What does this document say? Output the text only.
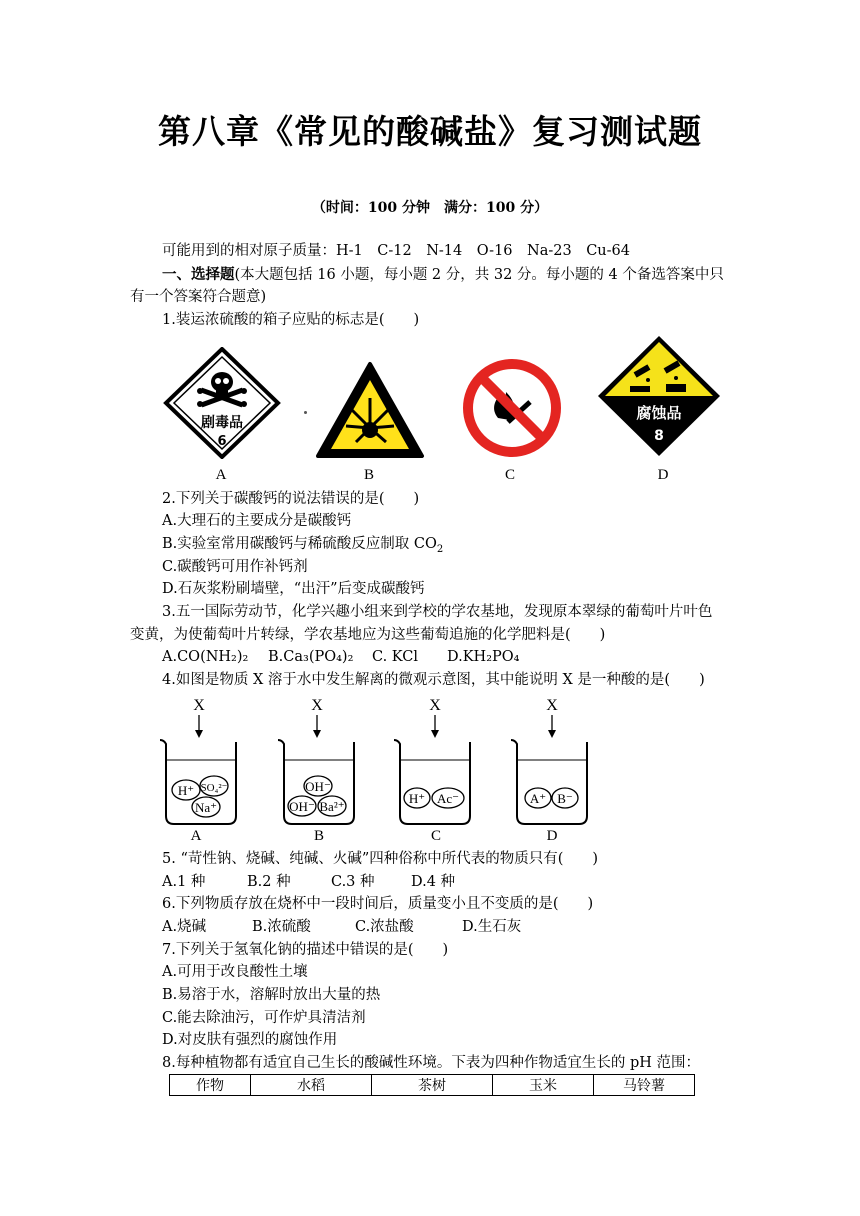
第八章《常见的酸碱盐》复习测试题
（时间：100 分钟　满分：100 分）
可能用到的相对原子质量：H-1　C-12　N-14　O-16　Na-23　Cu-64
一、选择题(本大题包括 16 小题，每小题 2 分，共 32 分。每小题的 4 个备选答案中只
有一个答案符合题意)
1.装运浓硫酸的箱子应贴的标志是(　　)
剧毒品
6
腐蚀品
8
A	B	C	D
2.下列关于碳酸钙的说法错误的是(　　)
A.大理石的主要成分是碳酸钙
B.实验室常用碳酸钙与稀硫酸反应制取 $CO_2$
C.碳酸钙可用作补钙剂
D.石灰浆粉刷墙壁，“出汗”后变成碳酸钙
3.五一国际劳动节，化学兴趣小组来到学校的学农基地，发现原本翠绿的葡萄叶片叶色
变黄，为使葡萄叶片转绿，学农基地应为这些葡萄追施的化学肥料是(　　)
A.CO(NH₂)₂ B.Ca₃(PO₄)₂ C. KCl D.KH₂PO₄
4.如图是物质 X 溶于水中发生解离的微观示意图，其中能说明 X 是一种酸的是(　　)
X
H⁺ SO₄²⁻
Na⁺
X
OH⁻
OH⁻ Ba²⁺
X
H⁺ Ac⁻
X
A⁺ B⁻
A	B	C	D
5. “苛性钠、烧碱、纯碱、火碱”四种俗称中所代表的物质只有(　　)
A.1 种	B.2 种	C.3 种	D.4 种
6.下列物质存放在烧杯中一段时间后，质量变小且不变质的是(　　)
A.烧碱	B.浓硫酸	C.浓盐酸	D.生石灰
7.下列关于氢氧化钠的描述中错误的是(　　)
A.可用于改良酸性土壤
B.易溶于水，溶解时放出大量的热
C.能去除油污，可作炉具清洁剂
D.对皮肤有强烈的腐蚀作用
8.每种植物都有适宜自己生长的酸碱性环境。下表为四种作物适宜生长的 pH 范围：
作物	水稻	茶树	玉米	马铃薯
